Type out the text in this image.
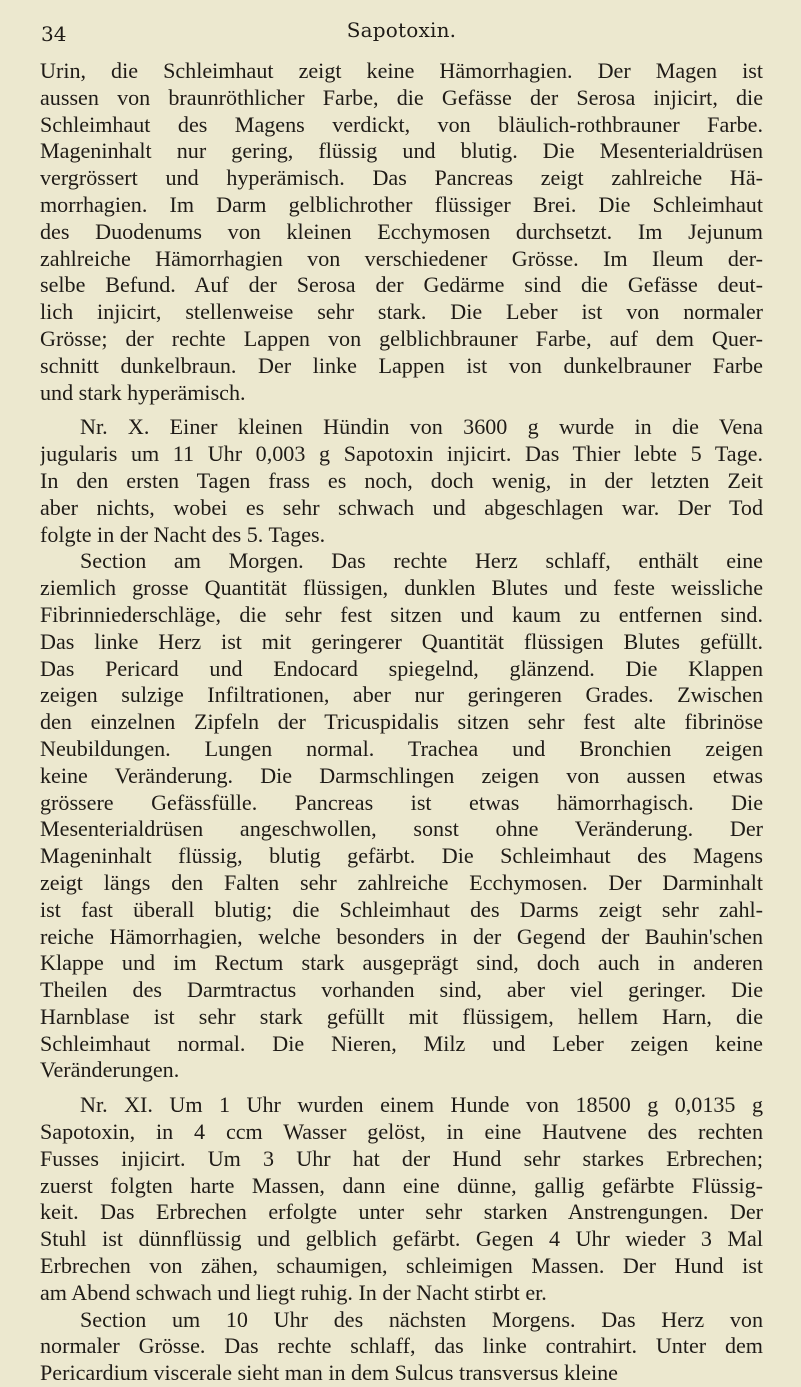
34	Sapotoxin.
Urin, die Schleimhaut zeigt keine Hämorrhagien. Der Magen ist
aussen von braunröthlicher Farbe, die Gefässe der Serosa injicirt, die
Schleimhaut des Magens verdickt, von bläulich-rothbrauner Farbe.
Mageninhalt nur gering, flüssig und blutig. Die Mesenterialdrüsen
vergrössert und hyperämisch. Das Pancreas zeigt zahlreiche Hä-
morrhagien. Im Darm gelblichrother flüssiger Brei. Die Schleimhaut
des Duodenums von kleinen Ecchymosen durchsetzt. Im Jejunum
zahlreiche Hämorrhagien von verschiedener Grösse. Im Ileum der-
selbe Befund. Auf der Serosa der Gedärme sind die Gefässe deut-
lich injicirt, stellenweise sehr stark. Die Leber ist von normaler
Grösse; der rechte Lappen von gelblichbrauner Farbe, auf dem Quer-
schnitt dunkelbraun. Der linke Lappen ist von dunkelbrauner Farbe
und stark hyperämisch.
Nr. X. Einer kleinen Hündin von 3600 g wurde in die Vena
jugularis um 11 Uhr 0,003 g Sapotoxin injicirt. Das Thier lebte 5 Tage.
In den ersten Tagen frass es noch, doch wenig, in der letzten Zeit
aber nichts, wobei es sehr schwach und abgeschlagen war. Der Tod
folgte in der Nacht des 5. Tages.
Section am Morgen. Das rechte Herz schlaff, enthält eine
ziemlich grosse Quantität flüssigen, dunklen Blutes und feste weissliche
Fibrinniederschläge, die sehr fest sitzen und kaum zu entfernen sind.
Das linke Herz ist mit geringerer Quantität flüssigen Blutes gefüllt.
Das Pericard und Endocard spiegelnd, glänzend. Die Klappen
zeigen sulzige Infiltrationen, aber nur geringeren Grades. Zwischen
den einzelnen Zipfeln der Tricuspidalis sitzen sehr fest alte fibrinöse
Neubildungen. Lungen normal. Trachea und Bronchien zeigen
keine Veränderung. Die Darmschlingen zeigen von aussen etwas
grössere Gefässfülle. Pancreas ist etwas hämorrhagisch. Die
Mesenterialdrüsen angeschwollen, sonst ohne Veränderung. Der
Mageninhalt flüssig, blutig gefärbt. Die Schleimhaut des Magens
zeigt längs den Falten sehr zahlreiche Ecchymosen. Der Darminhalt
ist fast überall blutig; die Schleimhaut des Darms zeigt sehr zahl-
reiche Hämorrhagien, welche besonders in der Gegend der Bauhin'schen
Klappe und im Rectum stark ausgeprägt sind, doch auch in anderen
Theilen des Darmtractus vorhanden sind, aber viel geringer. Die
Harnblase ist sehr stark gefüllt mit flüssigem, hellem Harn, die
Schleimhaut normal. Die Nieren, Milz und Leber zeigen keine
Veränderungen.
Nr. XI. Um 1 Uhr wurden einem Hunde von 18500 g 0,0135 g
Sapotoxin, in 4 ccm Wasser gelöst, in eine Hautvene des rechten
Fusses injicirt. Um 3 Uhr hat der Hund sehr starkes Erbrechen;
zuerst folgten harte Massen, dann eine dünne, gallig gefärbte Flüssig-
keit. Das Erbrechen erfolgte unter sehr starken Anstrengungen. Der
Stuhl ist dünnflüssig und gelblich gefärbt. Gegen 4 Uhr wieder 3 Mal
Erbrechen von zähen, schaumigen, schleimigen Massen. Der Hund ist
am Abend schwach und liegt ruhig. In der Nacht stirbt er.
Section um 10 Uhr des nächsten Morgens. Das Herz von
normaler Grösse. Das rechte schlaff, das linke contrahirt. Unter dem
Pericardium viscerale sieht man in dem Sulcus transversus kleine
